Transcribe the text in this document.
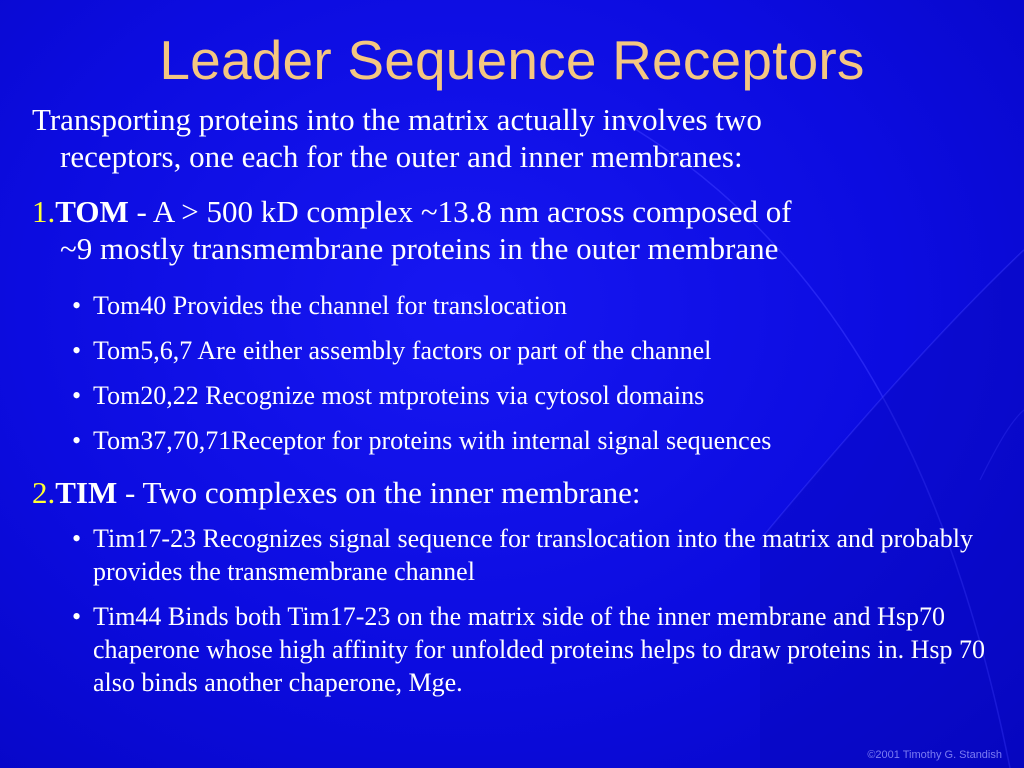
Leader Sequence Receptors
Transporting proteins into the matrix actually involves two
receptors, one each for the outer and inner membranes:
1.TOM - A > 500 kD complex ~13.8 nm across composed of
~9 mostly transmembrane proteins in the outer membrane
• Tom40 Provides the channel for translocation
• Tom5,6,7 Are either assembly factors or part of the channel
• Tom20,22 Recognize most mtproteins via cytosol domains
• Tom37,70,71Receptor for proteins with internal signal sequences
2.TIM - Two complexes on the inner membrane:
• Tim17-23 Recognizes signal sequence for translocation into the matrix and probably provides the transmembrane channel
• Tim44 Binds both Tim17-23 on the matrix side of the inner membrane and Hsp70 chaperone whose high affinity for unfolded proteins helps to draw proteins in. Hsp 70 also binds another chaperone, Mge.
©2001 Timothy G. Standish
